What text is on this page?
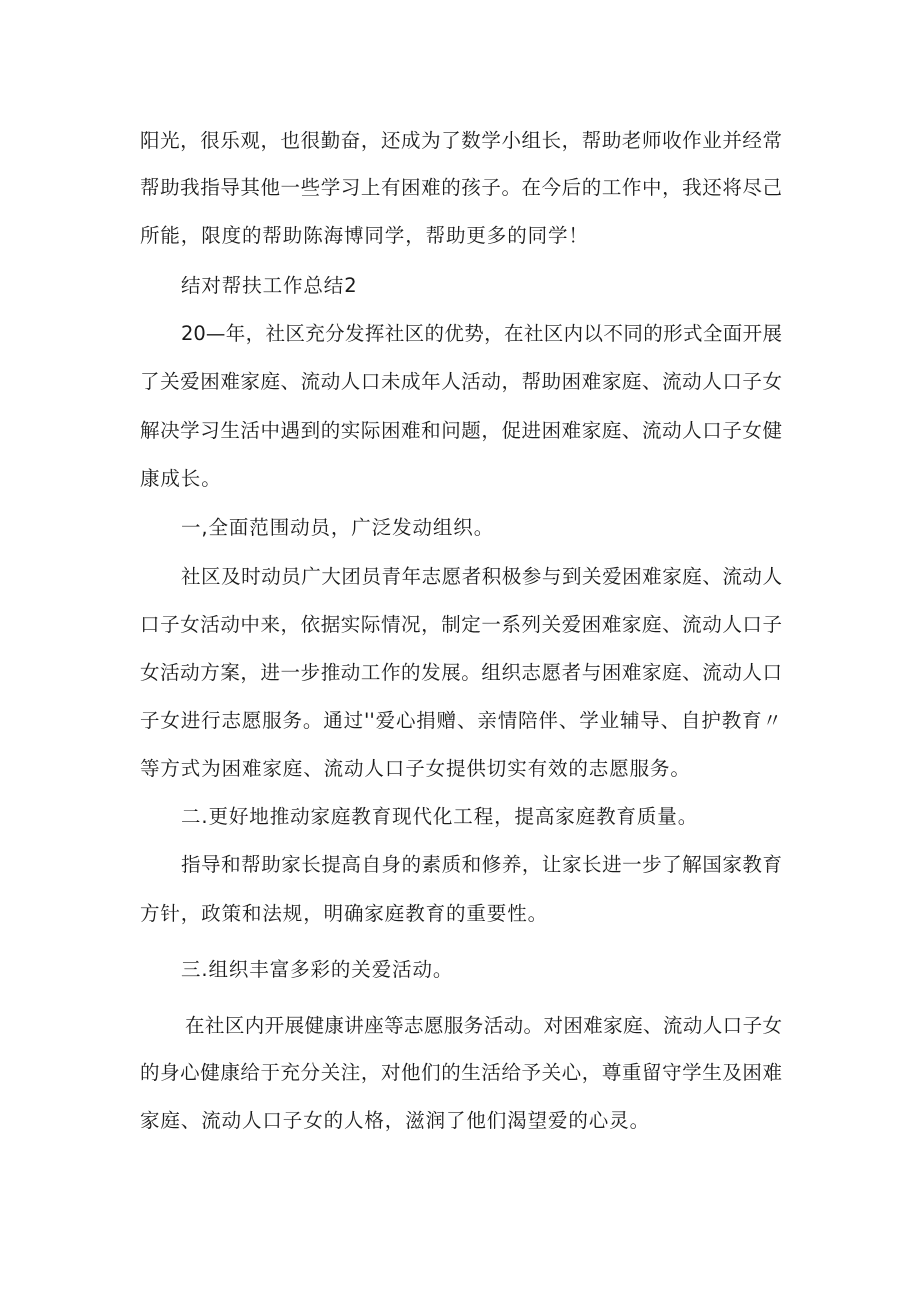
阳光，很乐观，也很勤奋，还成为了数学小组长，帮助老师收作业并经常
帮助我指导其他一些学习上有困难的孩子。在今后的工作中，我还将尽己
所能，限度的帮助陈海博同学，帮助更多的同学！
结对帮扶工作总结2
20—年，社区充分发挥社区的优势，在社区内以不同的形式全面开展
了关爱困难家庭、流动人口未成年人活动，帮助困难家庭、流动人口子女
解决学习生活中遇到的实际困难和问题，促进困难家庭、流动人口子女健
康成长。
一,全面范围动员，广泛发动组织。
社区及时动员广大团员青年志愿者积极参与到关爱困难家庭、流动人
口子女活动中来，依据实际情况，制定一系列关爱困难家庭、流动人口子
女活动方案，进一步推动工作的发展。组织志愿者与困难家庭、流动人口
子女进行志愿服务。通过''爱心捐赠、亲情陪伴、学业辅导、自护教育〃
等方式为困难家庭、流动人口子女提供切实有效的志愿服务。
二.更好地推动家庭教育现代化工程，提高家庭教育质量。
指导和帮助家长提高自身的素质和修养，让家长进一步了解国家教育
方针，政策和法规，明确家庭教育的重要性。
三.组织丰富多彩的关爱活动。
在社区内开展健康讲座等志愿服务活动。对困难家庭、流动人口子女
的身心健康给于充分关注，对他们的生活给予关心，尊重留守学生及困难
家庭、流动人口子女的人格，滋润了他们渴望爱的心灵。
